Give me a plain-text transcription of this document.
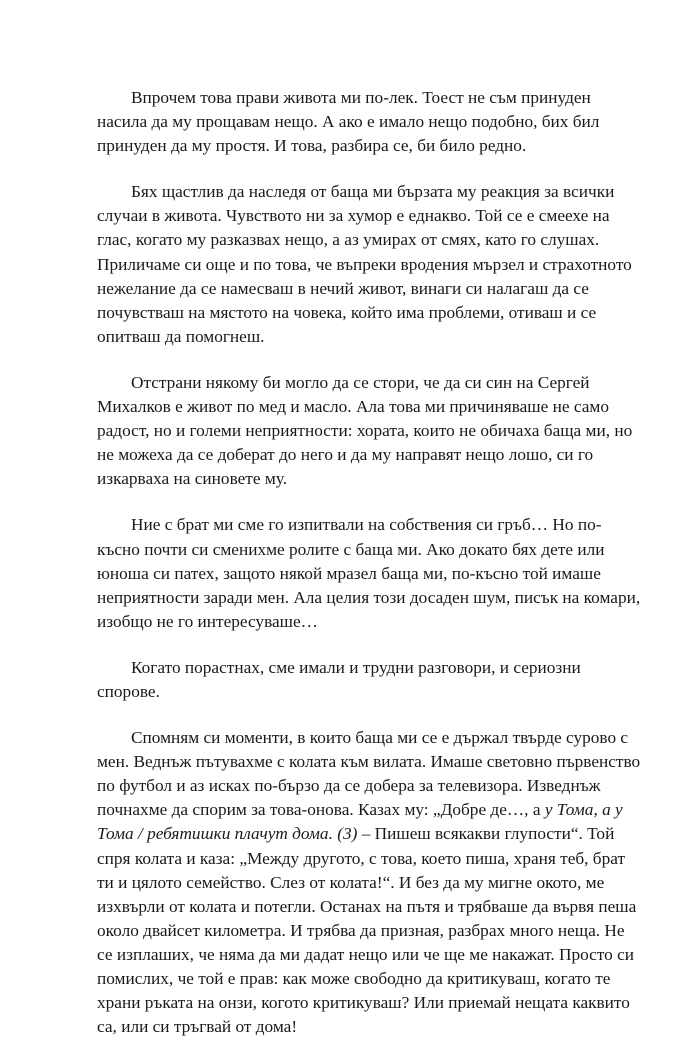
Впрочем това прави живота ми по-лек. Тоест не съм принуден
насила да му прощавам нещо. А ако е имало нещо подобно, бих бил
принуден да му простя. И това, разбира се, би било редно.

Бях щастлив да наследя от баща ми бързата му реакция за всички
случаи в живота. Чувството ни за хумор е еднакво. Той се е смеехе на
глас, когато му разказвах нещо, а аз умирах от смях, като го слушах.
Приличаме си още и по това, че въпреки вродения мързел и страхотното
нежелание да се намесваш в нечий живот, винаги си налагаш да се
почувстваш на мястото на човека, който има проблеми, отиваш и се
опитваш да помогнеш.

Отстрани някому би могло да се стори, че да си син на Сергей
Михалков е живот по мед и масло. Ала това ми причиняваше не само
радост, но и големи неприятности: хората, които не обичаха баща ми, но
не можеха да се доберат до него и да му направят нещо лошо, си го
изкарваха на синовете му.

Ние с брат ми сме го изпитвали на собствения си гръб… Но по-
късно почти си сменихме ролите с баща ми. Ако докато бях дете или
юноша си патех, защото някой мразел баща ми, по-късно той имаше
неприятности заради мен. Ала целия този досаден шум, писък на комари,
изобщо не го интересуваше…

Когато порастнах, сме имали и трудни разговори, и сериозни
спорове.

Спомням си моменти, в които баща ми се е държал твърде сурово с
мен. Веднъж пътувахме с колата към вилата. Имаше световно първенство
по футбол и аз исках по-бързо да се добера за телевизора. Изведнъж
почнахме да спорим за това-онова. Казах му: „Добре де…, а у Тома, а у
Тома / ребятишки плачут дома. (3) – Пишеш всякакви глупости“. Той
спря колата и каза: „Между другото, с това, което пиша, храня теб, брат
ти и цялото семейство. Слез от колата!“. И без да му мигне окото, ме
изхвърли от колата и потегли. Останах на пътя и трябваше да вървя пеша
около двайсет километра. И трябва да призная, разбрах много неща. Не
се изплаших, че няма да ми дадат нещо или че ще ме накажат. Просто си
помислих, че той е прав: как може свободно да критикуваш, когато те
храни ръката на онзи, когото критикуваш? Или приемай нещата каквито
са, или си тръгвай от дома!
